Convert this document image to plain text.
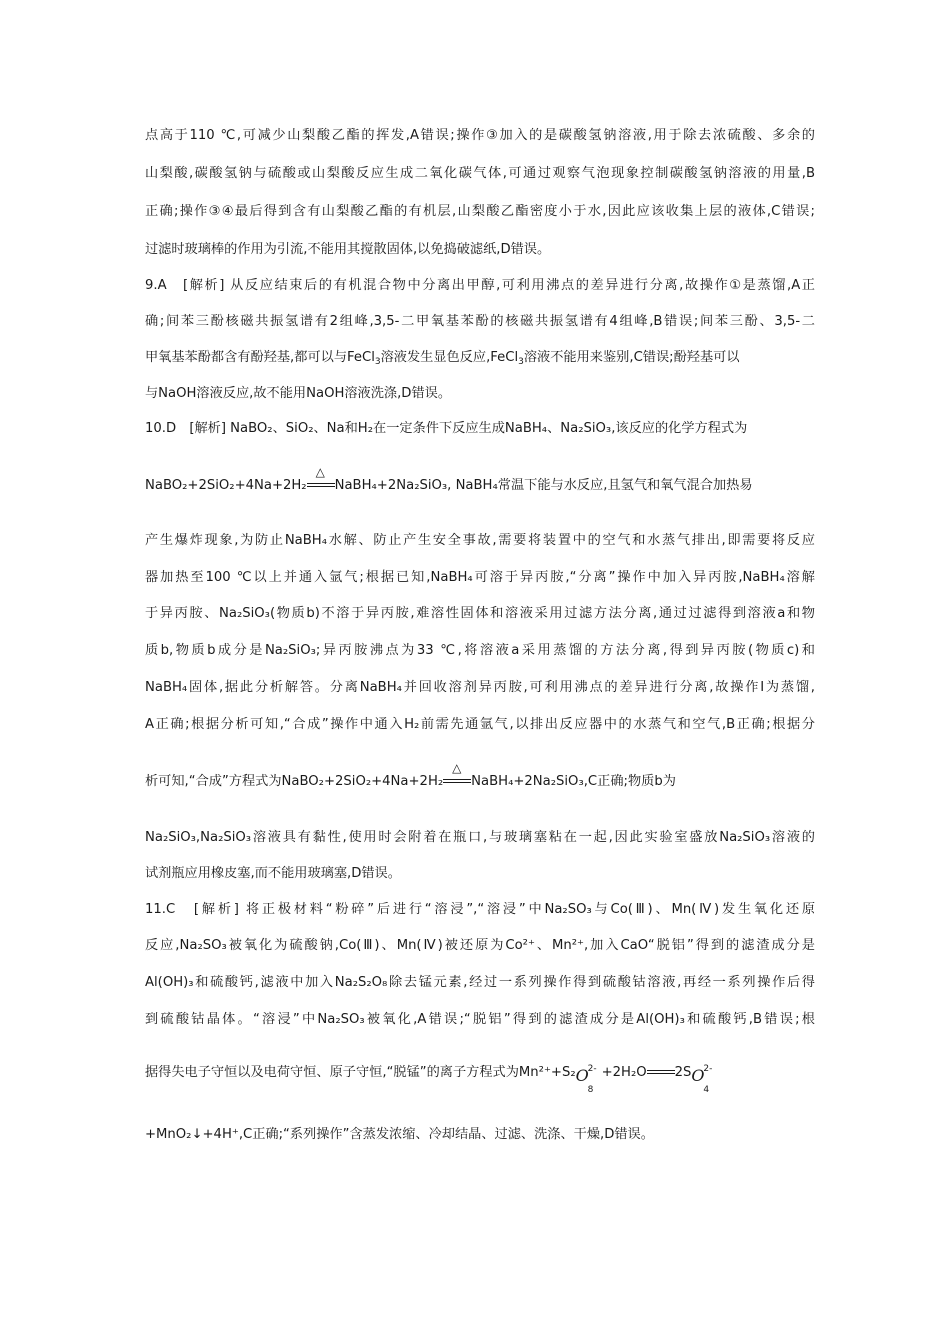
点高于110 ℃,可减少山梨酸乙酯的挥发,A错误;操作③加入的是碳酸氢钠溶液,用于除去浓硫酸、多余的
山梨酸,碳酸氢钠与硫酸或山梨酸反应生成二氧化碳气体,可通过观察气泡现象控制碳酸氢钠溶液的用量,B
正确;操作③④最后得到含有山梨酸乙酯的有机层,山梨酸乙酯密度小于水,因此应该收集上层的液体,C错误;
过滤时玻璃棒的作用为引流,不能用其搅散固体,以免捣破滤纸,D错误。
9.A　[解析] 从反应结束后的有机混合物中分离出甲醇,可利用沸点的差异进行分离,故操作①是蒸馏,A正
确;间苯三酚核磁共振氢谱有2组峰,3,5-二甲氧基苯酚的核磁共振氢谱有4组峰,B错误;间苯三酚、3,5-二
甲氧基苯酚都含有酚羟基,都可以与FeCl$_3$溶液发生显色反应,FeCl$_3$溶液不能用来鉴别,C错误;酚羟基可以
与NaOH溶液反应,故不能用NaOH溶液洗涤,D错误。
10.D　[解析] NaBO₂、SiO₂、Na和H₂在一定条件下反应生成NaBH₄、Na₂SiO₃,该反应的化学方程式为
NaBO₂+2SiO₂+4Na+2H₂
△
NaBH₄+2Na₂SiO₃, NaBH₄常温下能与水反应,且氢气和氧气混合加热易
产生爆炸现象,为防止NaBH₄水解、防止产生安全事故,需要将装置中的空气和水蒸气排出,即需要将反应
器加热至100 ℃以上并通入氩气;根据已知,NaBH₄可溶于异丙胺,“分离”操作中加入异丙胺,NaBH₄溶解
于异丙胺、Na₂SiO₃(物质b)不溶于异丙胺,难溶性固体和溶液采用过滤方法分离,通过过滤得到溶液a和物
质b,物质b成分是Na₂SiO₃;异丙胺沸点为33 ℃,将溶液a采用蒸馏的方法分离,得到异丙胺(物质c)和
NaBH₄固体,据此分析解答。分离NaBH₄并回收溶剂异丙胺,可利用沸点的差异进行分离,故操作Ⅰ为蒸馏,
A正确;根据分析可知,“合成”操作中通入H₂前需先通氩气,以排出反应器中的水蒸气和空气,B正确;根据分
析可知,“合成”方程式为NaBO₂+2SiO₂+4Na+2H₂
△
NaBH₄+2Na₂SiO₃,C正确;物质b为
Na₂SiO₃,Na₂SiO₃溶液具有黏性,使用时会附着在瓶口,与玻璃塞粘在一起,因此实验室盛放Na₂SiO₃溶液的
试剂瓶应用橡皮塞,而不能用玻璃塞,D错误。
11.C　[解析] 将正极材料“粉碎”后进行“溶浸”,“溶浸”中Na₂SO₃与Co(Ⅲ)、Mn(Ⅳ)发生氧化还原
反应,Na₂SO₃被氧化为硫酸钠,Co(Ⅲ)、Mn(Ⅳ)被还原为Co²⁺、Mn²⁺,加入CaO“脱铝”得到的滤渣成分是
Al(OH)₃和硫酸钙,滤液中加入Na₂S₂O₈除去锰元素,经过一系列操作得到硫酸钴溶液,再经一系列操作后得
到硫酸钴晶体。“溶浸”中Na₂SO₃被氧化,A错误;“脱铝”得到的滤渣成分是Al(OH)₃和硫酸钙,B错误;根
据得失电子守恒以及电荷守恒、原子守恒,“脱锰”的离子方程式为Mn²⁺+S₂ O
2-
8
+2H₂O 2S O
2-
4
+MnO₂↓+4H⁺,C正确;“系列操作”含蒸发浓缩、冷却结晶、过滤、洗涤、干燥,D错误。
